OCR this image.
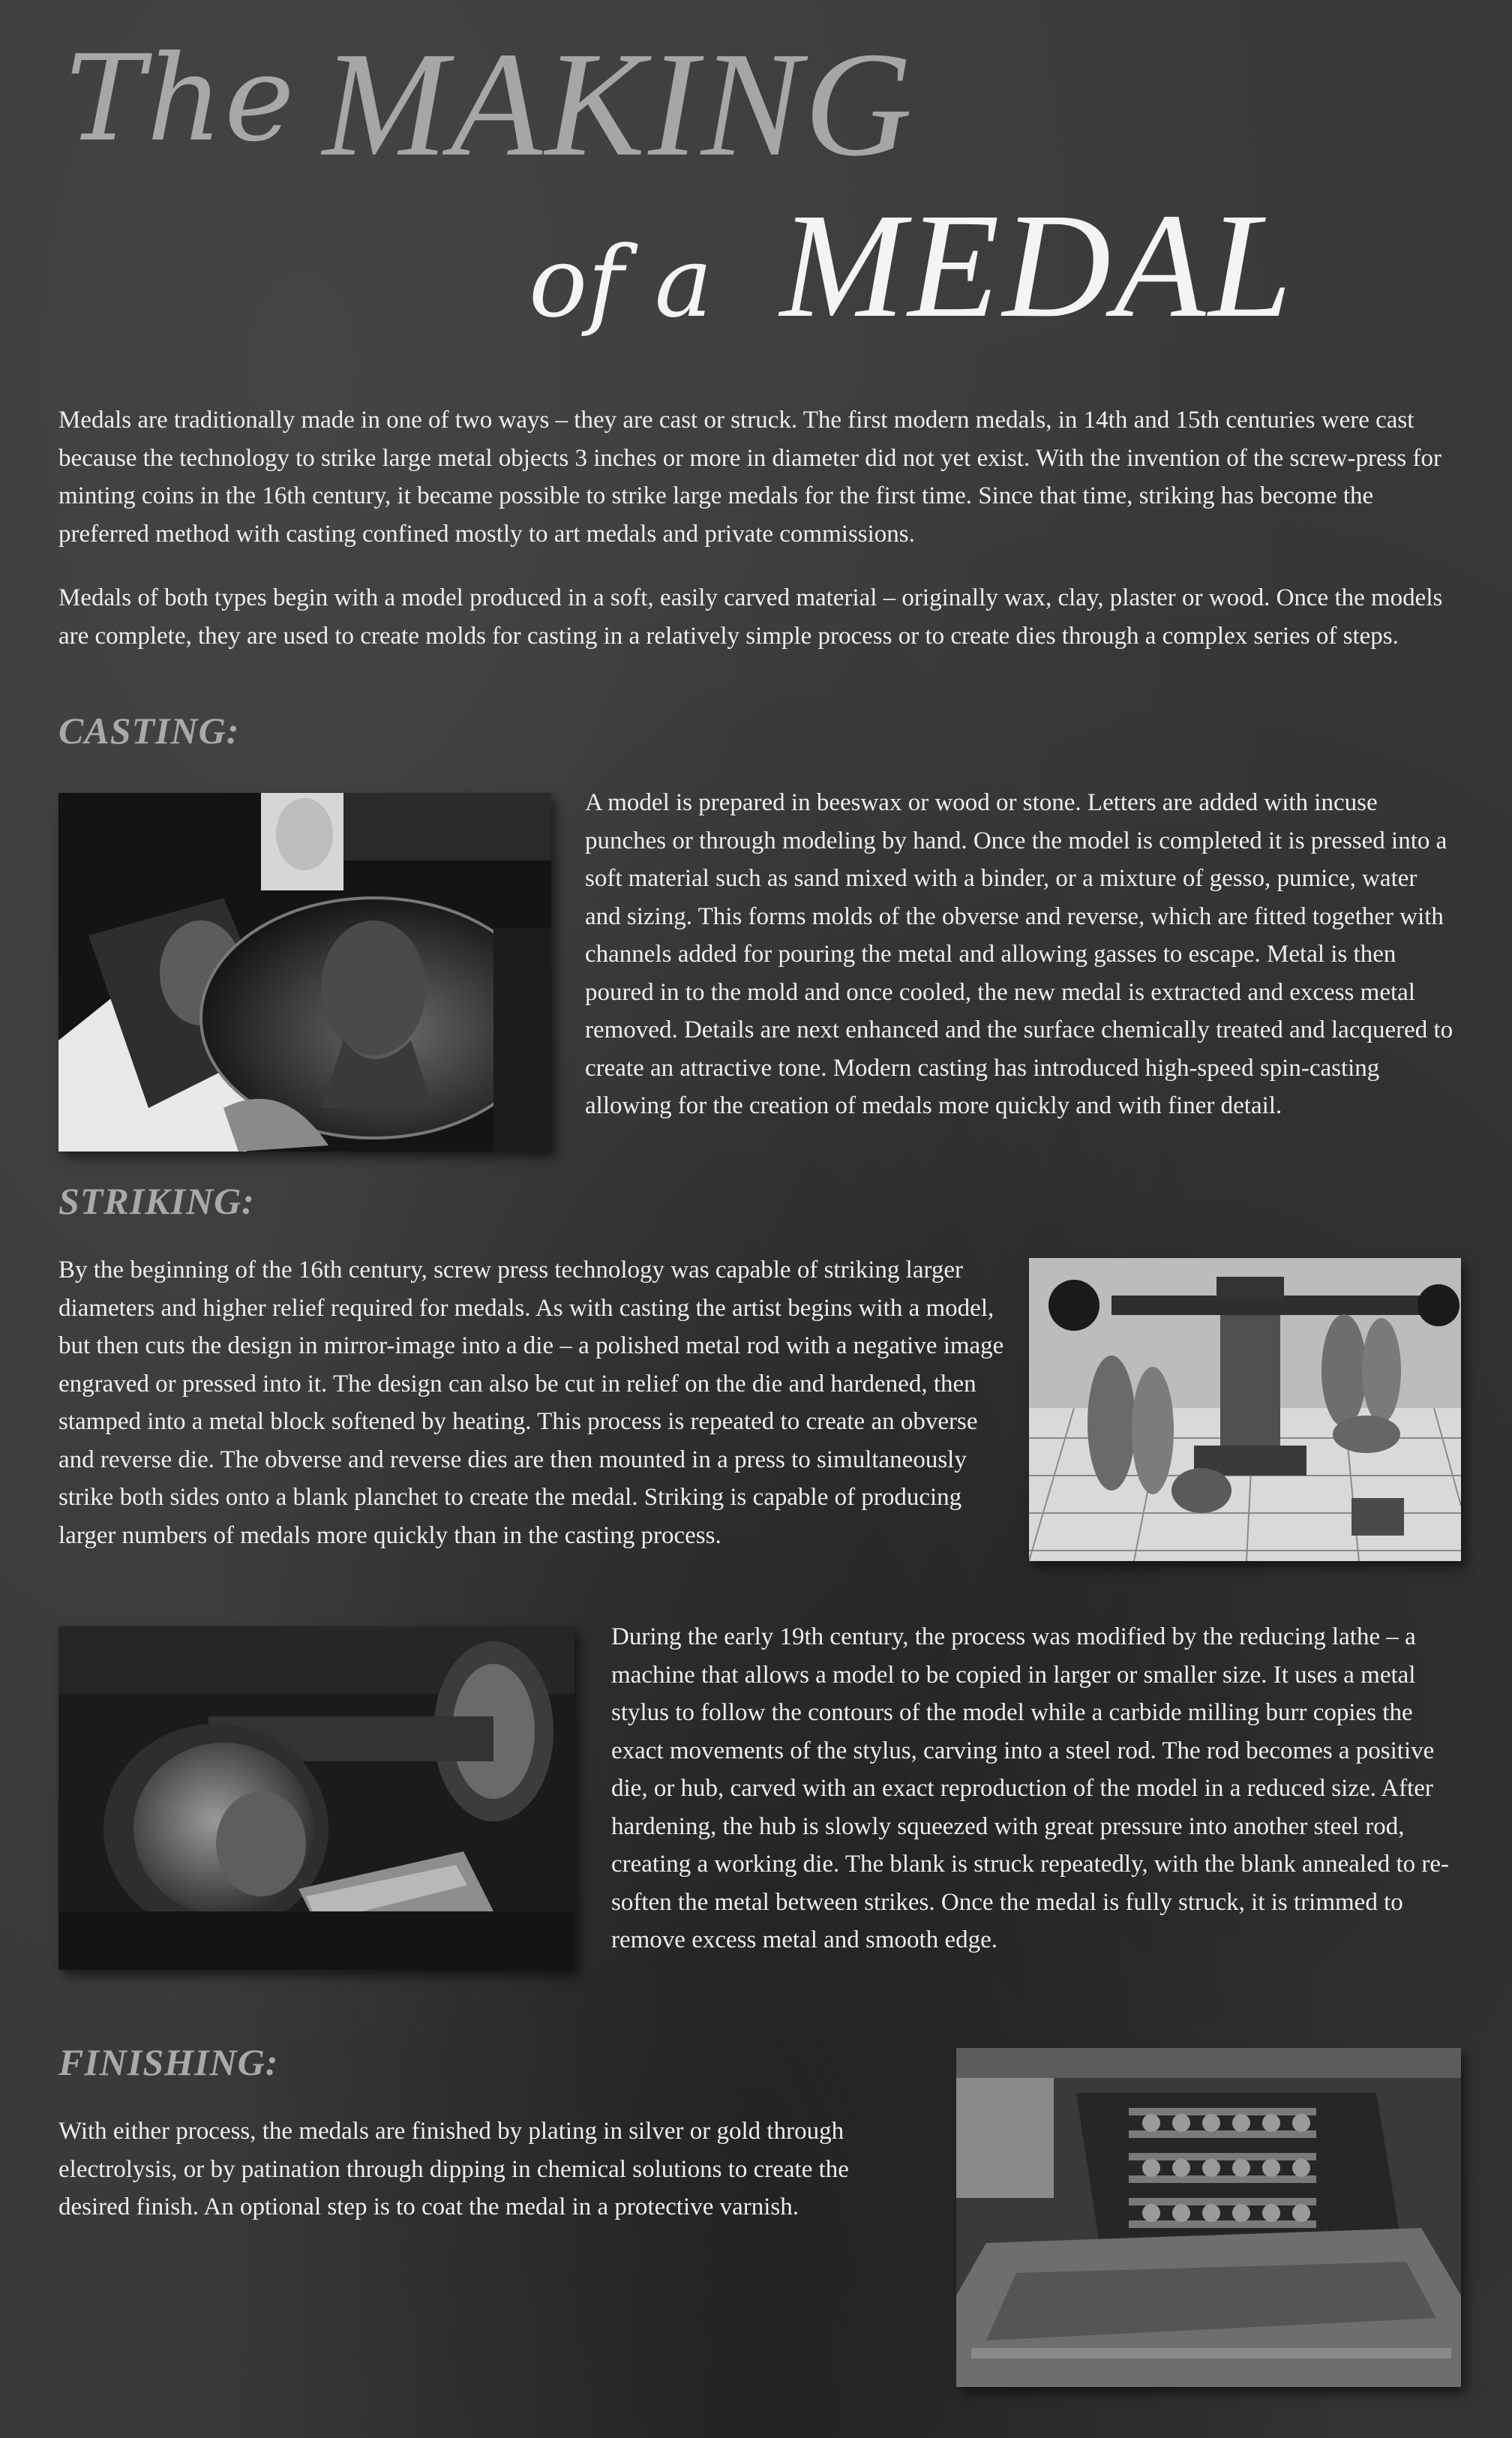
The MAKING
of a MEDAL

Medals are traditionally made in one of two ways – they are cast or struck. The first modern medals, in 14th and 15th centuries were cast because the technology to strike large metal objects 3 inches or more in diameter did not yet exist. With the invention of the screw-press for minting coins in the 16th century, it became possible to strike large medals for the first time. Since that time, striking has become the preferred method with casting confined mostly to art medals and private commissions.

Medals of both types begin with a model produced in a soft, easily carved material – originally wax, clay, plaster or wood. Once the models are complete, they are used to create molds for casting in a relatively simple process or to create dies through a complex series of steps.

CASTING:

A model is prepared in beeswax or wood or stone. Letters are added with incuse punches or through modeling by hand. Once the model is completed it is pressed into a soft material such as sand mixed with a binder, or a mixture of gesso, pumice, water and sizing. This forms molds of the obverse and reverse, which are fitted together with channels added for pouring the metal and allowing gasses to escape. Metal is then poured in to the mold and once cooled, the new medal is extracted and excess metal removed. Details are next enhanced and the surface chemically treated and lacquered to create an attractive tone. Modern casting has introduced high-speed spin-casting allowing for the creation of medals more quickly and with finer detail.

STRIKING:

By the beginning of the 16th century, screw press technology was capable of striking larger diameters and higher relief required for medals. As with casting the artist begins with a model, but then cuts the design in mirror-image into a die – a polished metal rod with a negative image engraved or pressed into it. The design can also be cut in relief on the die and hardened, then stamped into a metal block softened by heating. This process is repeated to create an obverse and reverse die. The obverse and reverse dies are then mounted in a press to simultaneously strike both sides onto a blank planchet to create the medal. Striking is capable of producing larger numbers of medals more quickly than in the casting process.

During the early 19th century, the process was modified by the reducing lathe – a machine that allows a model to be copied in larger or smaller size. It uses a metal stylus to follow the contours of the model while a carbide milling burr copies the exact movements of the stylus, carving into a steel rod. The rod becomes a positive die, or hub, carved with an exact reproduction of the model in a reduced size. After hardening, the hub is slowly squeezed with great pressure into another steel rod, creating a working die. The blank is struck repeatedly, with the blank annealed to re-soften the metal between strikes. Once the medal is fully struck, it is trimmed to remove excess metal and smooth edge.

FINISHING:

With either process, the medals are finished by plating in silver or gold through electrolysis, or by patination through dipping in chemical solutions to create the desired finish. An optional step is to coat the medal in a protective varnish.
